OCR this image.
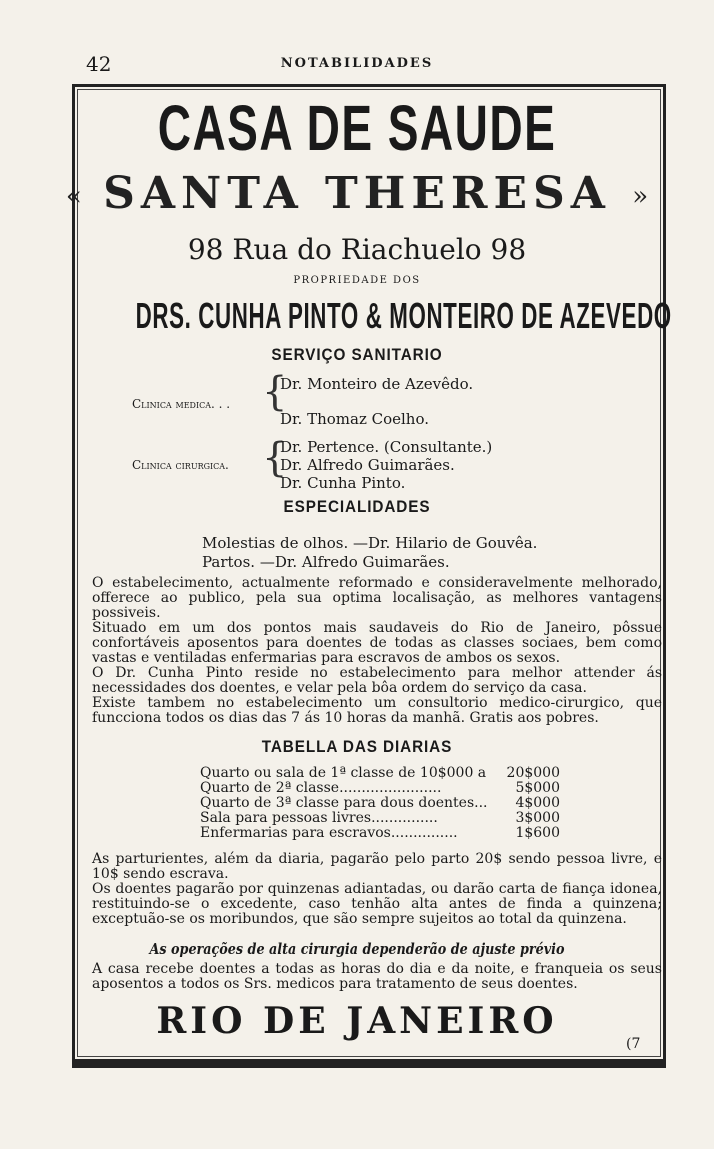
42	NOTABILIDADES
CASA DE SAUDE
« SANTA THERESA »
98 Rua do Riachuelo 98
PROPRIEDADE DOS
DRS. CUNHA PINTO & MONTEIRO DE AZEVEDO
SERVIÇO SANITARIO
Clinica medica. . . {
Dr. Monteiro de Azevêdo.
Dr. Thomaz Coelho.
Clinica cirurgica. {
Dr. Pertence. (Consultante.)
Dr. Alfredo Guimarães.
Dr. Cunha Pinto.
ESPECIALIDADES
Molestias de olhos. —Dr. Hilario de Gouvêa.
Partos. —Dr. Alfredo Guimarães.

O estabelecimento, actualmente reformado e consideravelmente melhorado, offerece ao publico, pela sua optima localisação, as melhores vantagens possiveis.

Situado em um dos pontos mais saudaveis do Rio de Janeiro, pôssue confortáveis aposentos para doentes de todas as classes sociaes, bem como vastas e ventiladas enfermarias para escravos de ambos os sexos.

O Dr. Cunha Pinto reside no estabelecimento para melhor attender ás necessidades dos doentes, e velar pela bôa ordem do serviço da casa.

Existe tambem no estabelecimento um consultorio medico-cirurgico, que funcciona todos os dias das 7 ás 10 horas da manhã. Gratis aos pobres.

TABELLA DAS DIARIAS
Quarto ou sala de 1ª classe de 10$000 a 20$000
Quarto de 2ª classe.......................	5$000
Quarto de 3ª classe para dous doentes... 4$000
Sala para pessoas livres...............	3$000
Enfermarias para escravos...............	1$600

As parturientes, além da diaria, pagarão pelo parto 20$ sendo pessoa livre, e 10$ sendo escrava.

Os doentes pagarão por quinzenas adiantadas, ou darão carta de fiança idonea, restituindo-se o excedente, caso tenhão alta antes de finda a quinzena; exceptuão-se os moribundos, que são sempre sujeitos ao total da quinzena.

As operações de alta cirurgia dependerão de ajuste prévio

A casa recebe doentes a todas as horas do dia e da noite, e franqueia os seus aposentos a todos os Srs. medicos para tratamento de seus doentes.

RIO DE JANEIRO
(7
